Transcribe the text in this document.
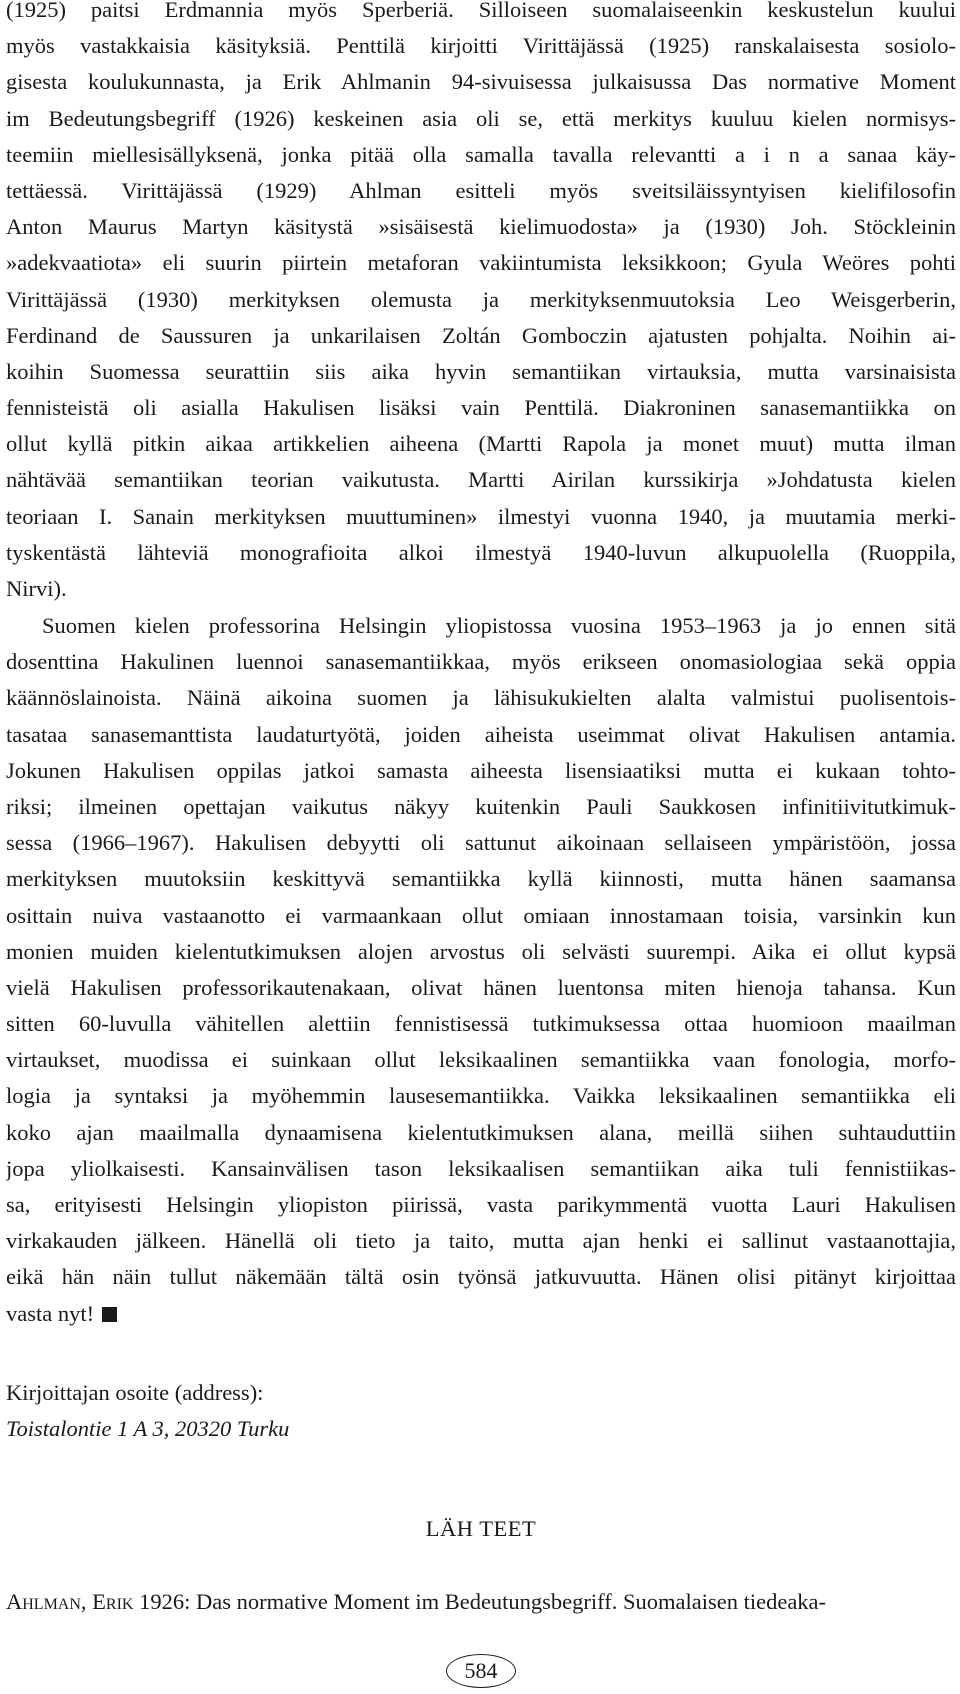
(1925) paitsi Erdmannia myös Sperberiä. Silloiseen suomalaiseenkin keskustelun kuului
myös vastakkaisia käsityksiä. Penttilä kirjoitti Virittäjässä (1925) ranskalaisesta sosiolo-
gisesta koulukunnasta, ja Erik Ahlmanin 94-sivuisessa julkaisussa Das normative Moment
im Bedeutungsbegriff (1926) keskeinen asia oli se, että merkitys kuuluu kielen normisys-
teemiin miellesisällyksenä, jonka pitää olla samalla tavalla relevantti a i n a sanaa käy-
tettäessä. Virittäjässä (1929) Ahlman esitteli myös sveitsiläissyntyisen kielifilosofin
Anton Maurus Martyn käsitystä »sisäisestä kielimuodosta» ja (1930) Joh. Stöckleinin
»adekvaatiota» eli suurin piirtein metaforan vakiintumista leksikkoon; Gyula Weöres pohti
Virittäjässä (1930) merkityksen olemusta ja merkityksenmuutoksia Leo Weisgerberin,
Ferdinand de Saussuren ja unkarilaisen Zoltán Gomboczin ajatusten pohjalta. Noihin ai-
koihin Suomessa seurattiin siis aika hyvin semantiikan virtauksia, mutta varsinaisista
fennisteistä oli asialla Hakulisen lisäksi vain Penttilä. Diakroninen sanasemantiikka on
ollut kyllä pitkin aikaa artikkelien aiheena (Martti Rapola ja monet muut) mutta ilman
nähtävää semantiikan teorian vaikutusta. Martti Airilan kurssikirja »Johdatusta kielen
teoriaan I. Sanain merkityksen muuttuminen» ilmestyi vuonna 1940, ja muutamia merki-
tyskentästä lähteviä monografioita alkoi ilmestyä 1940-luvun alkupuolella (Ruoppila,
Nirvi).
Suomen kielen professorina Helsingin yliopistossa vuosina 1953–1963 ja jo ennen sitä
dosenttina Hakulinen luennoi sanasemantiikkaa, myös erikseen onomasiologiaa sekä oppia
käännöslainoista. Näinä aikoina suomen ja lähisukukielten alalta valmistui puolisentois-
tasataa sanasemanttista laudaturtyötä, joiden aiheista useimmat olivat Hakulisen antamia.
Jokunen Hakulisen oppilas jatkoi samasta aiheesta lisensiaatiksi mutta ei kukaan tohto-
riksi; ilmeinen opettajan vaikutus näkyy kuitenkin Pauli Saukkosen infinitiivitutkimuk-
sessa (1966–1967). Hakulisen debyytti oli sattunut aikoinaan sellaiseen ympäristöön, jossa
merkityksen muutoksiin keskittyvä semantiikka kyllä kiinnosti, mutta hänen saamansa
osittain nuiva vastaanotto ei varmaankaan ollut omiaan innostamaan toisia, varsinkin kun
monien muiden kielentutkimuksen alojen arvostus oli selvästi suurempi. Aika ei ollut kypsä
vielä Hakulisen professorikautenakaan, olivat hänen luentonsa miten hienoja tahansa. Kun
sitten 60-luvulla vähitellen alettiin fennistisessä tutkimuksessa ottaa huomioon maailman
virtaukset, muodissa ei suinkaan ollut leksikaalinen semantiikka vaan fonologia, morfo-
logia ja syntaksi ja myöhemmin lausesemantiikka. Vaikka leksikaalinen semantiikka eli
koko ajan maailmalla dynaamisena kielentutkimuksen alana, meillä siihen suhtauduttiin
jopa yliolkaisesti. Kansainvälisen tason leksikaalisen semantiikan aika tuli fennistiikas-
sa, erityisesti Helsingin yliopiston piirissä, vasta parikymmentä vuotta Lauri Hakulisen
virkakauden jälkeen. Hänellä oli tieto ja taito, mutta ajan henki ei sallinut vastaanottajia,
eikä hän näin tullut näkemään tältä osin työnsä jatkuvuutta. Hänen olisi pitänyt kirjoittaa
vasta nyt!
Kirjoittajan osoite (address):
Toistalontie 1 A 3, 20320 Turku
LÄH TEET
Ahlman, Erik 1926: Das normative Moment im Bedeutungsbegriff. Suomalaisen tiedeaka-
584
